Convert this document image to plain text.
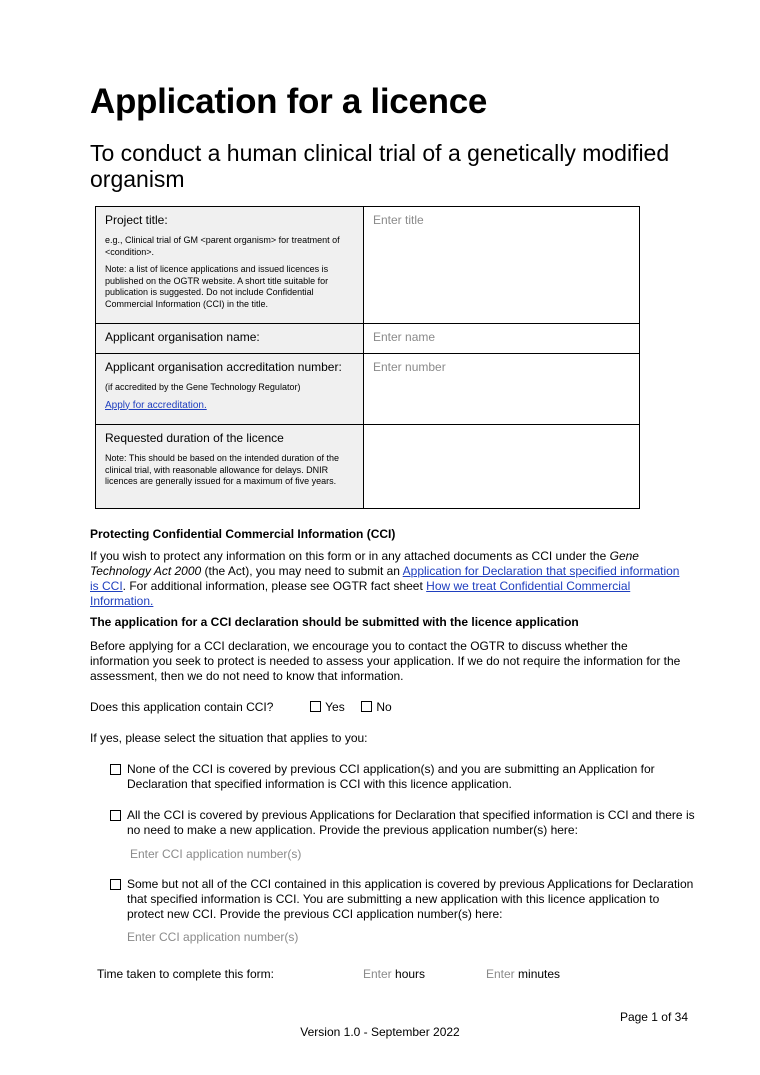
Application for a licence
To conduct a human clinical trial of a genetically modified organism
Project title:
e.g., Clinical trial of GM <parent organism> for treatment of <condition>.
Note: a list of licence applications and issued licences is published on the OGTR website. A short title suitable for publication is suggested. Do not include Confidential Commercial Information (CCI) in the title.	Enter title

Applicant organisation name:	Enter name

Applicant organisation accreditation number:
(if accredited by the Gene Technology Regulator)
Apply for accreditation.	Enter number

Requested duration of the licence
Note: This should be based on the intended duration of the clinical trial, with reasonable allowance for delays. DNIR licences are generally issued for a maximum of five years.	

Protecting Confidential Commercial Information (CCI)
If you wish to protect any information on this form or in any attached documents as CCI under the Gene Technology Act 2000 (the Act), you may need to submit an Application for Declaration that specified information is CCI. For additional information, please see OGTR fact sheet How we treat Confidential Commercial Information.
The application for a CCI declaration should be submitted with the licence application
Before applying for a CCI declaration, we encourage you to contact the OGTR to discuss whether the information you seek to protect is needed to assess your application. If we do not require the information for the assessment, then we do not need to know that information.
Does this application contain CCI?	Yes	No
If yes, please select the situation that applies to you:
None of the CCI is covered by previous CCI application(s) and you are submitting an Application for Declaration that specified information is CCI with this licence application.
All the CCI is covered by previous Applications for Declaration that specified information is CCI and there is no need to make a new application. Provide the previous application number(s) here:
Enter CCI application number(s)
Some but not all of the CCI contained in this application is covered by previous Applications for Declaration that specified information is CCI. You are submitting a new application with this licence application to protect new CCI. Provide the previous CCI application number(s) here:
Enter CCI application number(s)
Time taken to complete this form:	Enter hours	Enter minutes
Page 1 of 34
Version 1.0 - September 2022
